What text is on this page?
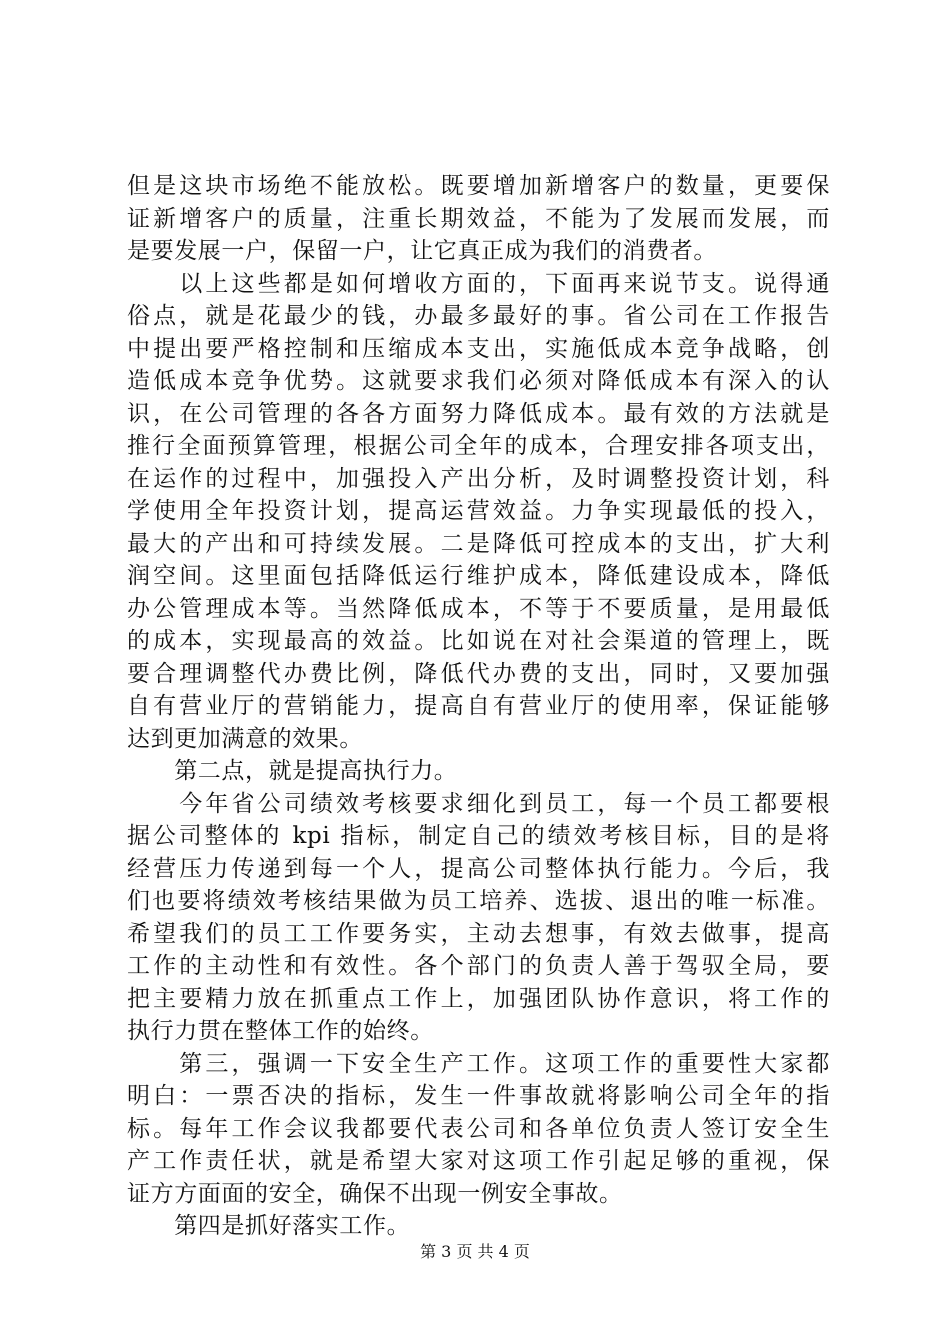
但是这块市场绝不能放松。既要增加新增客户的数量，更要保
证新增客户的质量，注重长期效益，不能为了发展而发展，而
是要发展一户，保留一户，让它真正成为我们的消费者。
　　以上这些都是如何增收方面的，下面再来说节支。说得通
俗点，就是花最少的钱，办最多最好的事。省公司在工作报告
中提出要严格控制和压缩成本支出，实施低成本竞争战略，创
造低成本竞争优势。这就要求我们必须对降低成本有深入的认
识，在公司管理的各各方面努力降低成本。最有效的方法就是
推行全面预算管理，根据公司全年的成本，合理安排各项支出，
在运作的过程中，加强投入产出分析，及时调整投资计划，科
学使用全年投资计划，提高运营效益。力争实现最低的投入，
最大的产出和可持续发展。二是降低可控成本的支出，扩大利
润空间。这里面包括降低运行维护成本，降低建设成本，降低
办公管理成本等。当然降低成本，不等于不要质量，是用最低
的成本，实现最高的效益。比如说在对社会渠道的管理上，既
要合理调整代办费比例，降低代办费的支出，同时，又要加强
自有营业厅的营销能力，提高自有营业厅的使用率，保证能够
达到更加满意的效果。
　　第二点，就是提高执行力。
　　今年省公司绩效考核要求细化到员工，每一个员工都要根
据公司整体的 kpi 指标，制定自己的绩效考核目标，目的是将
经营压力传递到每一个人，提高公司整体执行能力。今后，我
们也要将绩效考核结果做为员工培养、选拔、退出的唯一标准。
希望我们的员工工作要务实，主动去想事，有效去做事，提高
工作的主动性和有效性。各个部门的负责人善于驾驭全局，要
把主要精力放在抓重点工作上，加强团队协作意识，将工作的
执行力贯在整体工作的始终。
　　第三，强调一下安全生产工作。这项工作的重要性大家都
明白：一票否决的指标，发生一件事故就将影响公司全年的指
标。每年工作会议我都要代表公司和各单位负责人签订安全生
产工作责任状，就是希望大家对这项工作引起足够的重视，保
证方方面面的安全，确保不出现一例安全事故。
　　第四是抓好落实工作。
第 3 页 共 4 页
